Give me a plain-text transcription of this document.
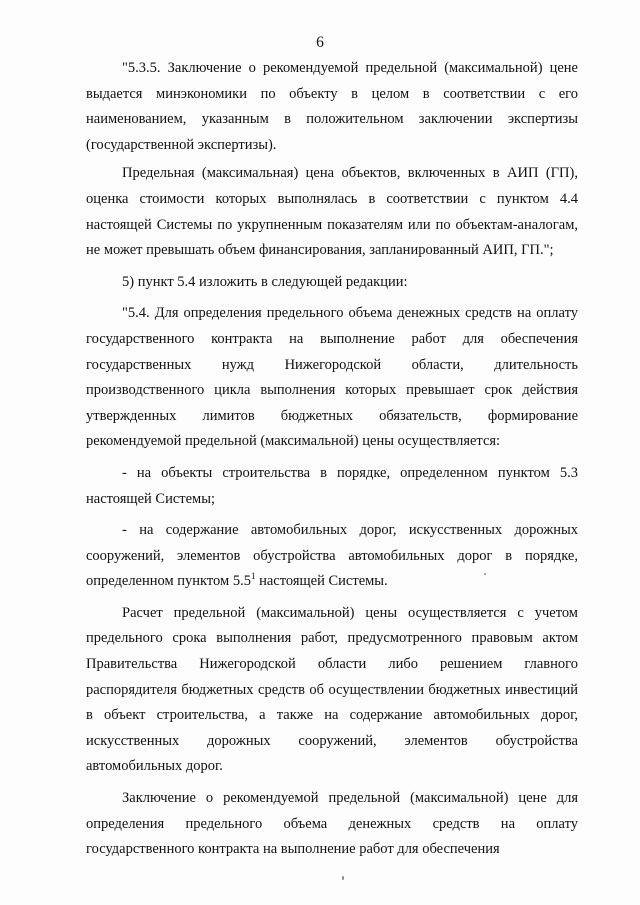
6

"5.3.5. Заключение о рекомендуемой предельной (максимальной) цене выдается минэкономики по объекту в целом в соответствии с его наименованием, указанным в положительном заключении экспертизы (государственной экспертизы).

Предельная (максимальная) цена объектов, включенных в АИП (ГП), оценка стоимости которых выполнялась в соответствии с пунктом 4.4 настоящей Системы по укрупненным показателям или по объектам-аналогам, не может превышать объем финансирования, запланированный АИП, ГП.";

5) пункт 5.4 изложить в следующей редакции:

"5.4. Для определения предельного объема денежных средств на оплату государственного контракта на выполнение работ для обеспечения государственных нужд Нижегородской области, длительность производственного цикла выполнения которых превышает срок действия утвержденных лимитов бюджетных обязательств, формирование рекомендуемой предельной (максимальной) цены осуществляется:

- на объекты строительства в порядке, определенном пунктом 5.3 настоящей Системы;

- на содержание автомобильных дорог, искусственных дорожных сооружений, элементов обустройства автомобильных дорог в порядке, определенном пунктом $5.5^1$ настоящей Системы.

Расчет предельной (максимальной) цены осуществляется с учетом предельного срока выполнения работ, предусмотренного правовым актом Правительства Нижегородской области либо решением главного распорядителя бюджетных средств об осуществлении бюджетных инвестиций в объект строительства, а также на содержание автомобильных дорог, искусственных дорожных сооружений, элементов обустройства автомобильных дорог.

Заключение о рекомендуемой предельной (максимальной) цене для определения предельного объема денежных средств на оплату государственного контракта на выполнение работ для обеспечения
